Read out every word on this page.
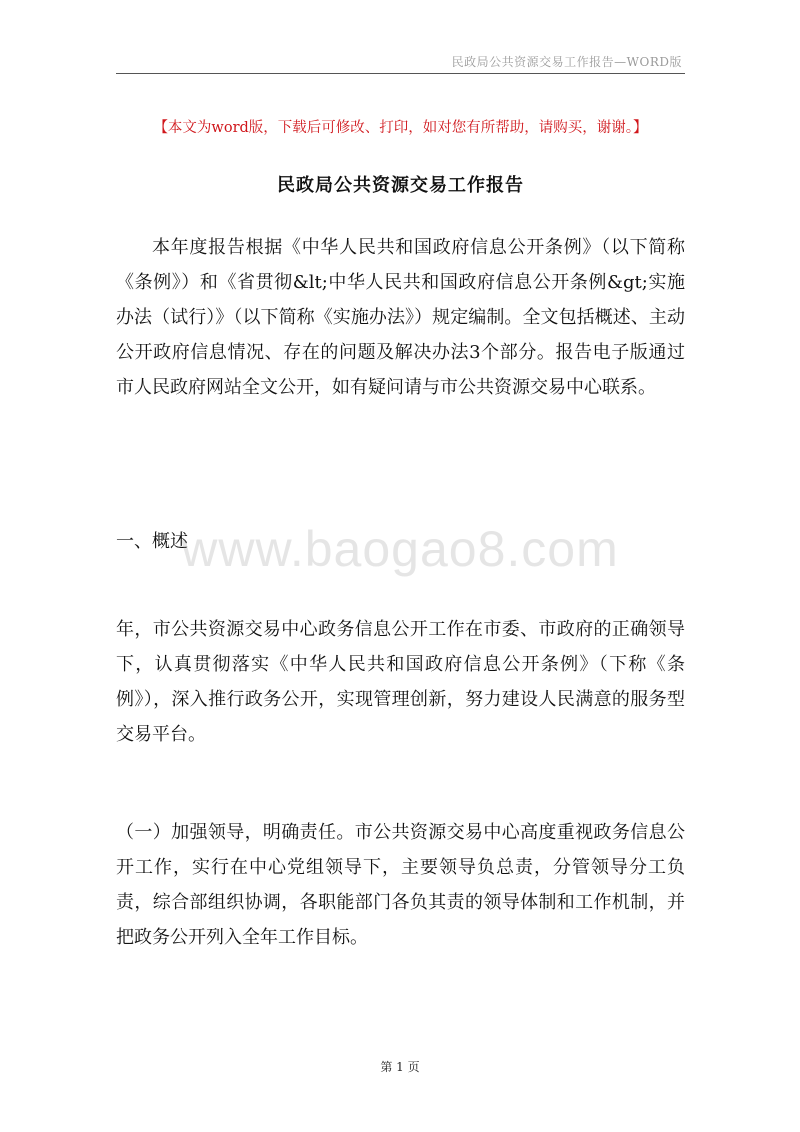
民政局公共资源交易工作报告—WORD版
【本文为word版，下载后可修改、打印，如对您有所帮助，请购买，谢谢。】
民政局公共资源交易工作报告
本年度报告根据《中华人民共和国政府信息公开条例》（以下简称《条例》）和《省贯彻&lt;中华人民共和国政府信息公开条例&gt;实施办法（试行）》（以下简称《实施办法》）规定编制。全文包括概述、主动公开政府信息情况、存在的问题及解决办法3个部分。报告电子版通过市人民政府网站全文公开，如有疑问请与市公共资源交易中心联系。
一、概述
年，市公共资源交易中心政务信息公开工作在市委、市政府的正确领导下，认真贯彻落实《中华人民共和国政府信息公开条例》（下称《条例》），深入推行政务公开，实现管理创新，努力建设人民满意的服务型交易平台。
（一）加强领导，明确责任。市公共资源交易中心高度重视政务信息公开工作，实行在中心党组领导下，主要领导负总责，分管领导分工负责，综合部组织协调，各职能部门各负其责的领导体制和工作机制，并把政务公开列入全年工作目标。
www.baogao8.com
第 1 页
